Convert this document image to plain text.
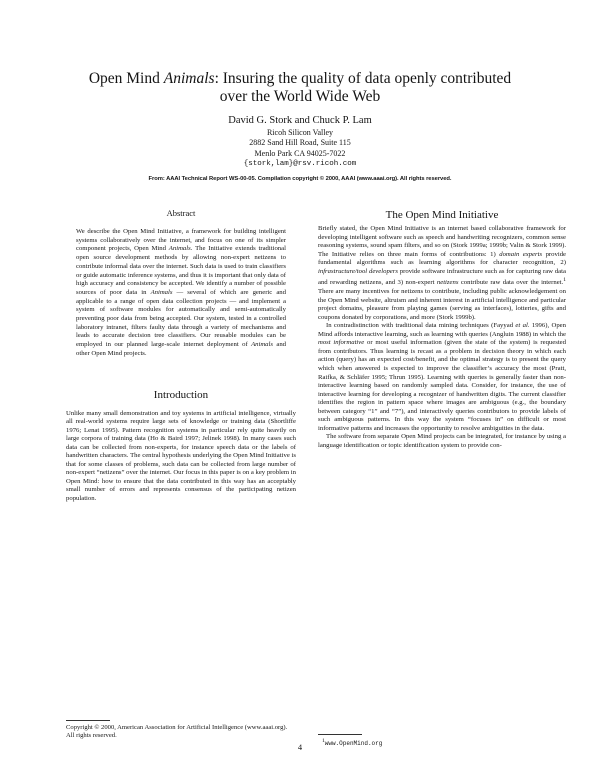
Open Mind Animals: Insuring the quality of data openly contributed
over the World Wide Web
David G. Stork and Chuck P. Lam
Ricoh Silicon Valley
2882 Sand Hill Road, Suite 115
Menlo Park CA 94025-7022
{stork,lam}@rsv.ricoh.com
From: AAAI Technical Report WS-00-05. Compilation copyright © 2000, AAAI (www.aaai.org). All rights reserved.
Abstract
We describe the Open Mind Initiative, a framework for building intelligent systems collaboratively over the internet, and focus on one of its simpler component projects, Open Mind Animals. The Initiative extends traditional open source development methods by allowing non-expert netizens to contribute informal data over the internet. Such data is used to train classifiers or guide automatic inference systems, and thus it is important that only data of high accuracy and consistency be accepted. We identify a number of possible sources of poor data in Animals — several of which are generic and applicable to a range of open data collection projects — and implement a system of software modules for automatically and semi-automatically preventing poor data from being accepted. Our system, tested in a controlled laboratory intranet, filters faulty data through a variety of mechanisms and leads to accurate decision tree classifiers. Our reusable modules can be employed in our planned large-scale internet deployment of Animals and other Open Mind projects.
Introduction

Unlike many small demonstration and toy systems in artificial intelligence, virtually all real-world systems require large sets of knowledge or training data (Shortliffe 1976; Lenat 1995). Pattern recognition systems in particular rely quite heavily on large corpora of training data (Ho & Baird 1997; Jelinek 1998). In many cases such data can be collected from non-experts, for instance speech data or the labels of handwritten characters. The central hypothesis underlying the Open Mind Initiative is that for some classes of problems, such data can be collected from large number of non-expert “netizens” over the internet. Our focus in this paper is on a key problem in Open Mind: how to ensure that the data contributed in this way has an acceptably small number of errors and represents consensus of the participating netizen population.

The Open Mind Initiative

Briefly stated, the Open Mind Initiative is an internet based collaborative framework for developing intelligent software such as speech and handwriting recognizers, common sense reasoning systems, sound spam filters, and so on (Stork 1999a; 1999b; Valin & Stork 1999). The Initiative relies on three main forms of contributions: 1) domain experts provide fundamental algorithms such as learning algorithms for character recognition, 2) infrastructure/tool developers provide software infrastructure such as for capturing raw data and rewarding netizens, and 3) non-expert netizens contribute raw data over the internet.$^1$ There are many incentives for netizens to contribute, including public acknowledgement on the Open Mind website, altruism and inherent interest in artificial intelligence and particular project domains, pleasure from playing games (serving as interfaces), lotteries, gifts and coupons donated by corporations, and more (Stork 1999b).

In contradistinction with traditional data mining techniques (Fayyad et al. 1996), Open Mind affords interactive learning, such as learning with queries (Angluin 1988) in which the most informative or most useful information (given the state of the system) is requested from contributors. Thus learning is recast as a problem in decision theory in which each action (query) has an expected cost/benefit, and the optimal strategy is to present the query which when answered is expected to improve the classifier’s accuracy the most (Pratt, Raifka, & Schläfer 1995; Thrun 1995). Learning with queries is generally faster than non-interactive learning based on randomly sampled data. Consider, for instance, the use of interactive learning for developing a recognizer of handwritten digits. The current classifier identifies the region in pattern space where images are ambiguous (e.g., the boundary between category “1” and “7”), and interactively queries contributors to provide labels of such ambiguous patterns. In this way the system “focuses in” on difficult or most informative patterns and increases the opportunity to resolve ambiguities in the data.

The software from separate Open Mind projects can be integrated, for instance by using a language identification or topic identification system to provide con-

Copyright © 2000, American Association for Artificial Intelligence (www.aaai.org). All rights reserved.
$^1$www.OpenMind.org
4
